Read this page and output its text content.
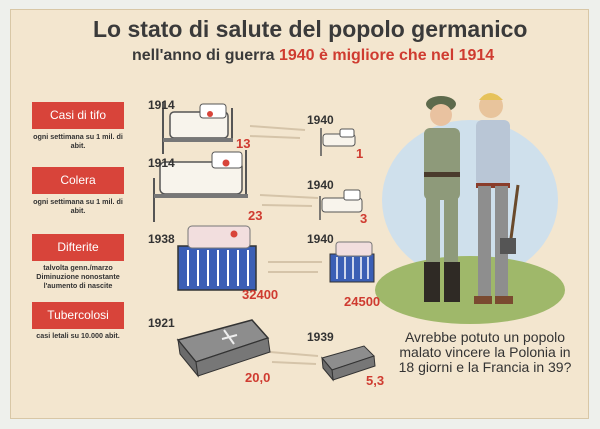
Lo stato di salute del popolo germanico
nell'anno di guerra 1940 è migliore che nel 1914
Casi di tifo
ogni settimana su 1 mil. di abit.
Colera
ogni settimana su 1 mil. di abit.
Difterite
talvolta genn./marzo Diminuzione nonostante l'aumento di nascite
Tubercolosi
casi letali su 10.000 abit.
1914
1940
1914
1940
1938	1940
1921
1939
13
1
23	3
32400	24500
20,0	5,3
Avrebbe potuto un popolo malato vincere la Polonia in 18 giorni e la Francia in 39?
